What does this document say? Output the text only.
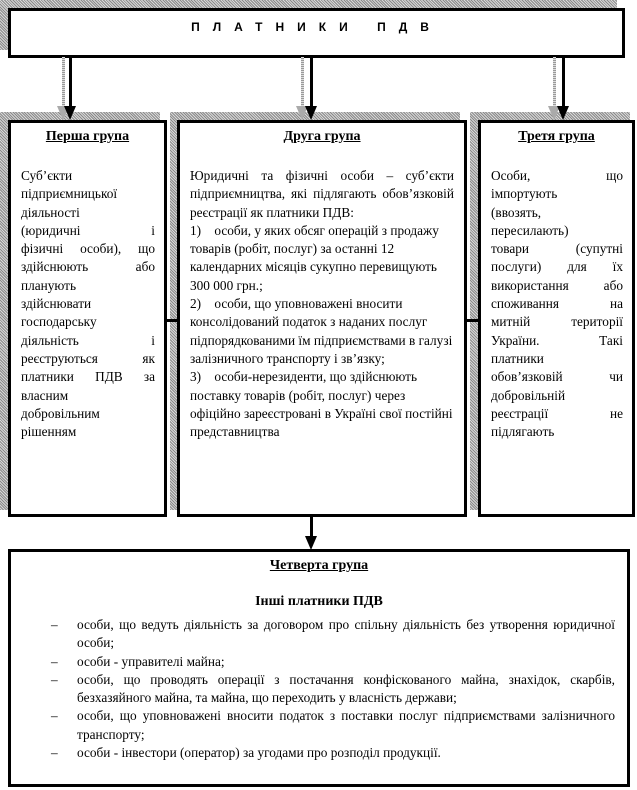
ПЛАТНИКИ ПДВ
Перша група
Суб’єкти
підприємницької
діяльності
(юридичні	і
фізичні особи), що
здійснюють	або
планують
здійснювати
господарську
діяльність	і
реєструються	як
платники ПДВ за
власним
добровільним
рішенням
Друга група
Юридичні та фізичні особи – суб’єкти підприємництва, які підлягають обов’язковій реєстрації як платники ПДВ:
1)    особи, у яких обсяг операцій з продажу товарів (робіт, послуг) за останні 12 календарних місяців сукупно перевищують 300 000 грн.;
2)    особи, що уповноважені вносити консолідований податок з наданих послуг підпорядкованими їм підприємствами в галузі залізничного транспорту і зв’язку;
3)    особи-нерезиденти, що здійснюють поставку товарів (робіт, послуг) через офіційно зареєстровані в Україні свої постійні представництва
Третя група
Особи,	що
імпортують
(ввозять,
пересилають)
товари	(супутні
послуги) для їх
використання	або
споживання	на
митній	території
України.	Такі
платники
обов’язковій	чи
добровільній
реєстрації	не
підлягають
Четверта група
Інші платники ПДВ
– особи, що ведуть діяльність за договором про спільну діяльність без утворення юридичної особи;
– особи - управителі майна;
– особи, що проводять операції з постачання конфіскованого майна, знахідок, скарбів, безхазяйного майна, та майна, що переходить у власність держави;
– особи, що уповноважені вносити податок з поставки послуг підприємствами залізничного транспорту;
– особи - інвестори (оператор) за угодами про розподіл продукції.
